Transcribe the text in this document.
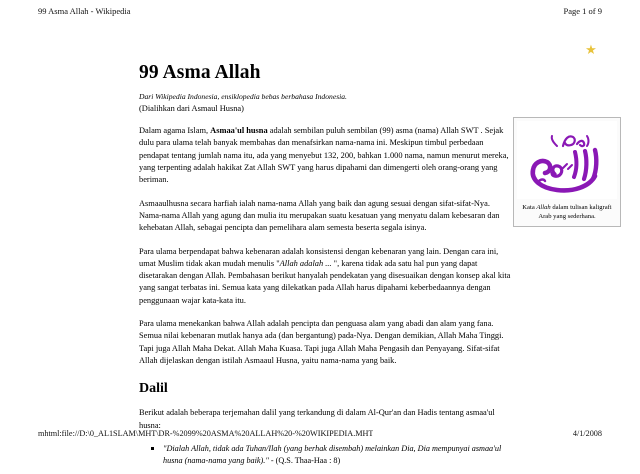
99 Asma Allah - Wikipedia	Page 1 of 9
★
99 Asma Allah

Dari Wikipedia Indonesia, ensiklopedia bebas berbahasa Indonesia.

(Dialihkan dari Asmaul Husna)

Dalam agama Islam, Asmaa'ul husna adalah sembilan puluh sembilan (99) asma (nama) Allah SWT . Sejak dulu para ulama telah banyak membahas dan menafsirkan nama-nama ini. Meskipun timbul perbedaan pendapat tentang jumlah nama itu, ada yang menyebut 132, 200, bahkan 1.000 nama, namun menurut mereka, yang terpenting adalah hakikat Zat Allah SWT yang harus dipahami dan dimengerti oleh orang-orang yang beriman.

Asmaaulhusna secara harfiah ialah nama-nama Allah yang baik dan agung sesuai dengan sifat-sifat-Nya. Nama-nama Allah yang agung dan mulia itu merupakan suatu kesatuan yang menyatu dalam kebesaran dan kehebatan Allah, sebagai pencipta dan pemelihara alam semesta beserta segala isinya.

Para ulama berpendapat bahwa kebenaran adalah konsistensi dengan kebenaran yang lain. Dengan cara ini, umat Muslim tidak akan mudah menulis "Allah adalah ... ", karena tidak ada satu hal pun yang dapat disetarakan dengan Allah. Pembahasan berikut hanyalah pendekatan yang disesuaikan dengan konsep akal kita yang sangat terbatas ini. Semua kata yang dilekatkan pada Allah harus dipahami keberbedaannya dengan penggunaan wajar kata-kata itu.

Para ulama menekankan bahwa Allah adalah pencipta dan penguasa alam yang abadi dan alam yang fana. Semua nilai kebenaran mutlak hanya ada (dan bergantung) pada-Nya. Dengan demikian, Allah Maha Tinggi. Tapi juga Allah Maha Dekat. Allah Maha Kuasa. Tapi juga Allah Maha Pengasih dan Penyayang. Sifat-sifat Allah dijelaskan dengan istilah Asmaaul Husna, yaitu nama-nama yang baik.

Dalil

Berikut adalah beberapa terjemahan dalil yang terkandung di dalam Al-Qur'an dan Hadis tentang asmaa'ul husna:

"Dialah Allah, tidak ada Tuhan/Ilah (yang berhak disembah) melainkan Dia, Dia mempunyai asmaa'ul husna (nama-nama yang baik)." - (Q.S. Thaa-Haa : 8)
Kata Allah dalam tulisan kaligrafi Arab yang sederhana.
mhtml:file://D:\0_AL1SLAM\MHT\DR-%2099%20ASMA%20ALLAH%20-%20WIKIPEDIA.MHT	4/1/2008
